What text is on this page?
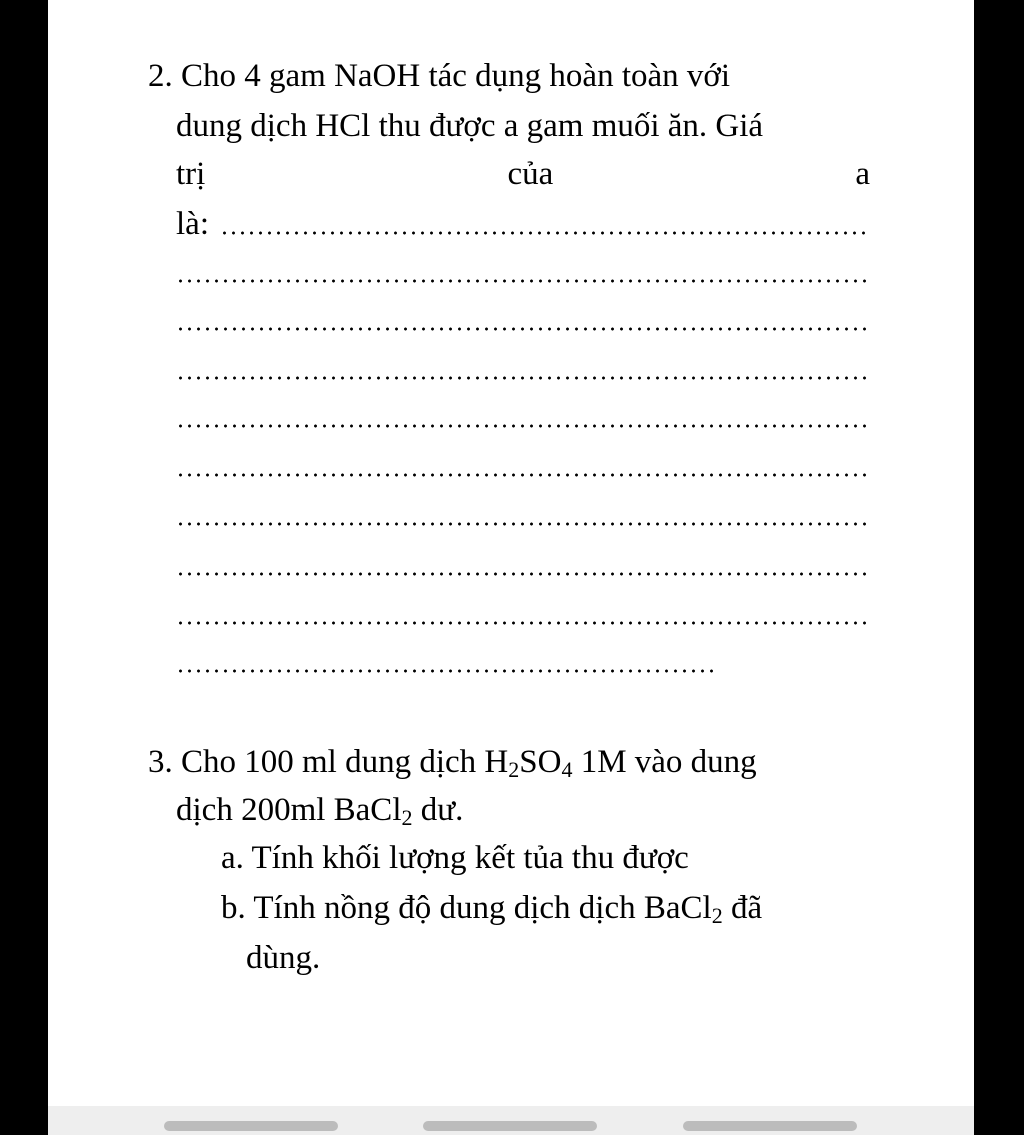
2. Cho 4 gam NaOH tác dụng hoàn toàn với
dung dịch HCl thu được a gam muối ăn. Giá
trị	của	a
là:
3. Cho 100 ml dung dịch $H_2SO_4$ 1M vào dung
dịch 200ml BaCl$_2$ dư.
a. Tính khối lượng kết tủa thu được
b. Tính nồng độ dung dịch dịch BaCl$_2$ đã
dùng.
